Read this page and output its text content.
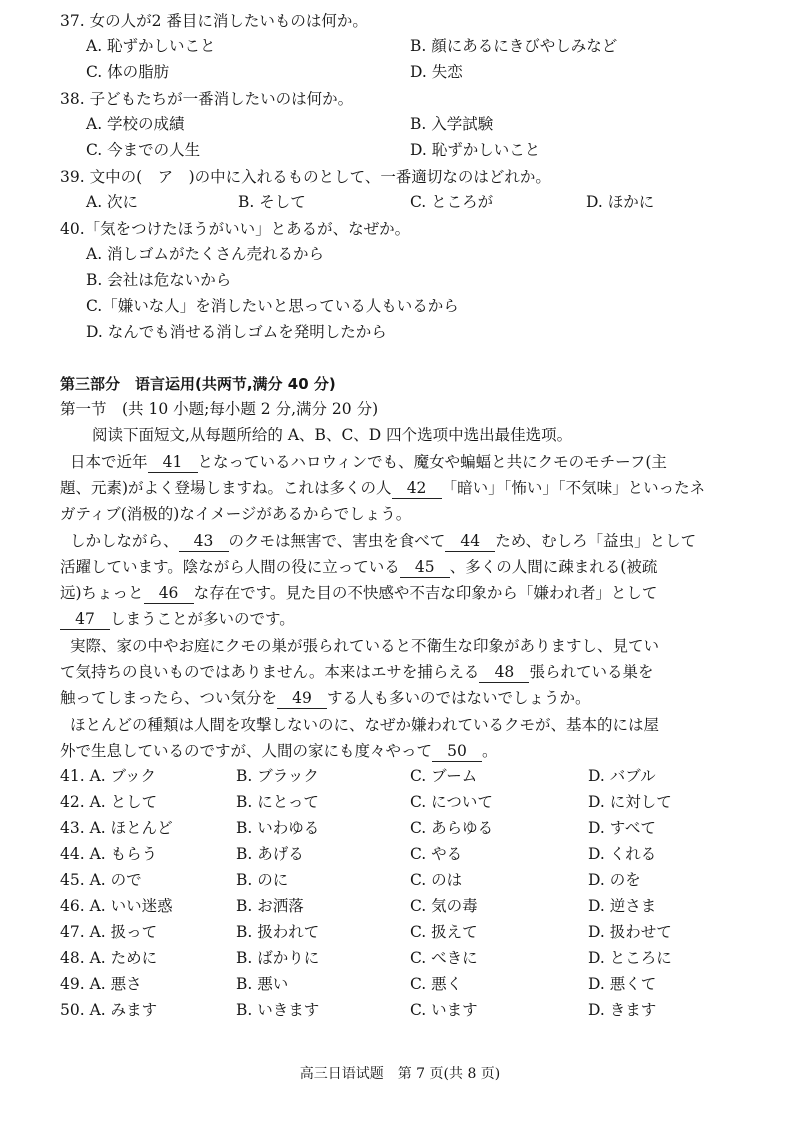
37. 女の人が2 番目に消したいものは何か。
A. 恥ずかしいこと	B. 顔にあるにきびやしみなど
C. 体の脂肪	D. 失恋
38. 子どもたちが一番消したいのは何か。
A. 学校の成績	B. 入学試験
C. 今までの人生	D. 恥ずかしいこと
39. 文中の(　ア　)の中に入れるものとして、一番適切なのはどれか。
A. 次に	B. そして	C. ところが	D. ほかに
40.「気をつけたほうがいい」とあるが、なぜか。
A. 消しゴムがたくさん売れるから
B. 会社は危ないから
C.「嫌いな人」を消したいと思っている人もいるから
D. なんでも消せる消しゴムを発明したから
第三部分　语言运用(共两节,满分 40 分)
第一节　(共 10 小题;每小题 2 分,满分 20 分)
阅读下面短文,从每题所给的 A、B、C、D 四个选项中选出最佳选项。
日本で近年 41 となっているハロウィンでも、魔女や蝙蝠と共にクモのモチーフ(主
題、元素)がよく登場しますね。これは多くの人 42 「暗い」「怖い」「不気味」といったネ
ガティブ(消极的)なイメージがあるからでしょう。
しかしながら、 43 のクモは無害で、害虫を食べて 44 ため、むしろ「益虫」として
活躍しています。陰ながら人間の役に立っている 45 、多くの人間に疎まれる(被疏
远)ちょっと 46 な存在です。見た目の不快感や不吉な印象から「嫌われ者」として
47 しまうことが多いのです。
実際、家の中やお庭にクモの巣が張られていると不衛生な印象がありますし、見てい
て気持ちの良いものではありません。本来はエサを捕らえる 48 張られている巣を
触ってしまったら、つい気分を 49 する人も多いのではないでしょうか。
ほとんどの種類は人間を攻撃しないのに、なぜか嫌われているクモが、基本的には屋
外で生息しているのですが、人間の家にも度々やって 50 。
41. A. ブック	B. ブラック	C. ブーム	D. バブル
42. A. として	B. にとって	C. について	D. に対して
43. A. ほとんど	B. いわゆる	C. あらゆる	D. すべて
44. A. もらう	B. あげる	C. やる	D. くれる
45. A. ので	B. のに	C. のは	D. のを
46. A. いい迷惑	B. お洒落	C. 気の毒	D. 逆さま
47. A. 扱って	B. 扱われて	C. 扱えて	D. 扱わせて
48. A. ために	B. ばかりに	C. べきに	D. ところに
49. A. 悪さ	B. 悪い	C. 悪く	D. 悪くて
50. A. みます	B. いきます	C. います	D. きます
高三日语试题　第 7 页(共 8 页)
